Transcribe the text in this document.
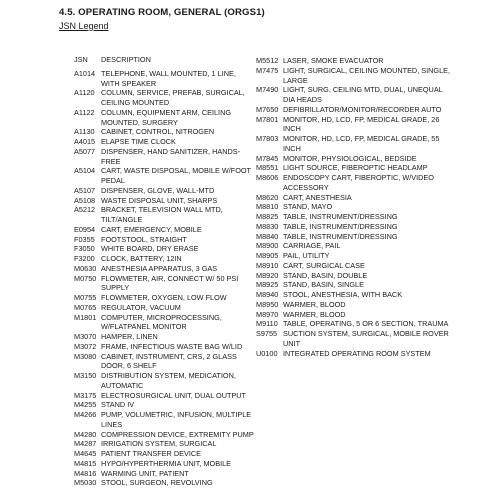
4.5. OPERATING ROOM, GENERAL (ORGS1)
JSN Legend
JSN	DESCRIPTION
A1014 TELEPHONE, WALL MOUNTED, 1 LINE, WITH SPEAKER
A1120 COLUMN, SERVICE, PREFAB, SURGICAL, CEILING MOUNTED
A1122 COLUMN, EQUIPMENT ARM, CEILING MOUNTED, SURGERY
A1130 CABINET, CONTROL, NITROGEN
A4015 ELAPSE TIME CLOCK
A5077 DISPENSER, HAND SANITIZER, HANDS- FREE
A5104 CART, WASTE DISPOSAL, MOBILE W/FOOT PEDAL
A5107 DISPENSER, GLOVE, WALL-MTD
A5108 WASTE DISPOSAL UNIT, SHARPS
A5212 BRACKET, TELEVISION WALL MTD, TILT/ANGLE
E0954 CART, EMERGENCY, MOBILE
F0355 FOOTSTOOL, STRAIGHT
F3050 WHITE BOARD, DRY ERASE
F3200 CLOCK, BATTERY, 12IN
M0630 ANESTHESIA APPARATUS, 3 GAS
M0750 FLOWMETER, AIR, CONNECT W/ 50 PSI SUPPLY
M0755 FLOWMETER, OXYGEN, LOW FLOW
M0765 REGULATOR, VACUUM
M1801 COMPUTER, MICROPROCESSING, W/FLATPANEL MONITOR
M3070 HAMPER, LINEN
M3072 FRAME, INFECTIOUS WASTE BAG W/LID
M3080 CABINET, INSTRUMENT, CRS, 2 GLASS DOOR, 6 SHELF
M3150 DISTRIBUTION SYSTEM, MEDICATION, AUTOMATIC
M3175 ELECTROSURGICAL UNIT, DUAL OUTPUT
M4255 STAND IV
M4266 PUMP, VOLUMETRIC, INFUSION, MULTIPLE LINES
M4280 COMPRESSION DEVICE, EXTREMITY PUMP
M4287 IRRIGATION SYSTEM, SURGICAL
M4645 PATIENT TRANSFER DEVICE
M4815 HYPO/HYPERTHERMIA UNIT, MOBILE
M4816 WARMING UNIT, PATIENT
M5030 STOOL, SURGEON, REVOLVING
M5512 LASER, SMOKE EVACUATOR
M7475 LIGHT, SURGICAL, CEILING MOUNTED, SINGLE, LARGE
M7490 LIGHT, SURG, CEILING MTD, DUAL, UNEQUAL DIA HEADS
M7650 DEFIBRILLATOR/MONITOR/RECORDER AUTO
M7801 MONITOR, HD, LCD, FP, MEDICAL GRADE, 26 INCH
M7803 MONITOR, HD, LCD, FP, MEDICAL GRADE, 55 INCH
M7845 MONITOR, PHYSIOLOGICAL, BEDSIDE
M8551 LIGHT SOURCE, FIBEROPTIC HEADLAMP
M8606 ENDOSCOPY CART, FIBEROPTIC, W/VIDEO ACCESSORY
M8620 CART, ANESTHESIA
M8810 STAND, MAYO
M8825 TABLE, INSTRUMENT/DRESSING
M8830 TABLE, INSTRUMENT/DRESSING
M8840 TABLE, INSTRUMENT/DRESSING
M8900 CARRIAGE, PAIL
M8905 PAIL, UTILITY
M8910 CART, SURGICAL CASE
M8920 STAND, BASIN, DOUBLE
M8925 STAND, BASIN, SINGLE
M8940 STOOL, ANESTHESIA, WITH BACK
M8950 WARMER, BLOOD
M8970 WARMER, BLOOD
M9110 TABLE, OPERATING, 5 OR 6 SECTION, TRAUMA
S9755 SUCTION SYSTEM, SURGICAL, MOBILE ROVER UNIT
U0100 INTEGRATED OPERATING ROOM SYSTEM
